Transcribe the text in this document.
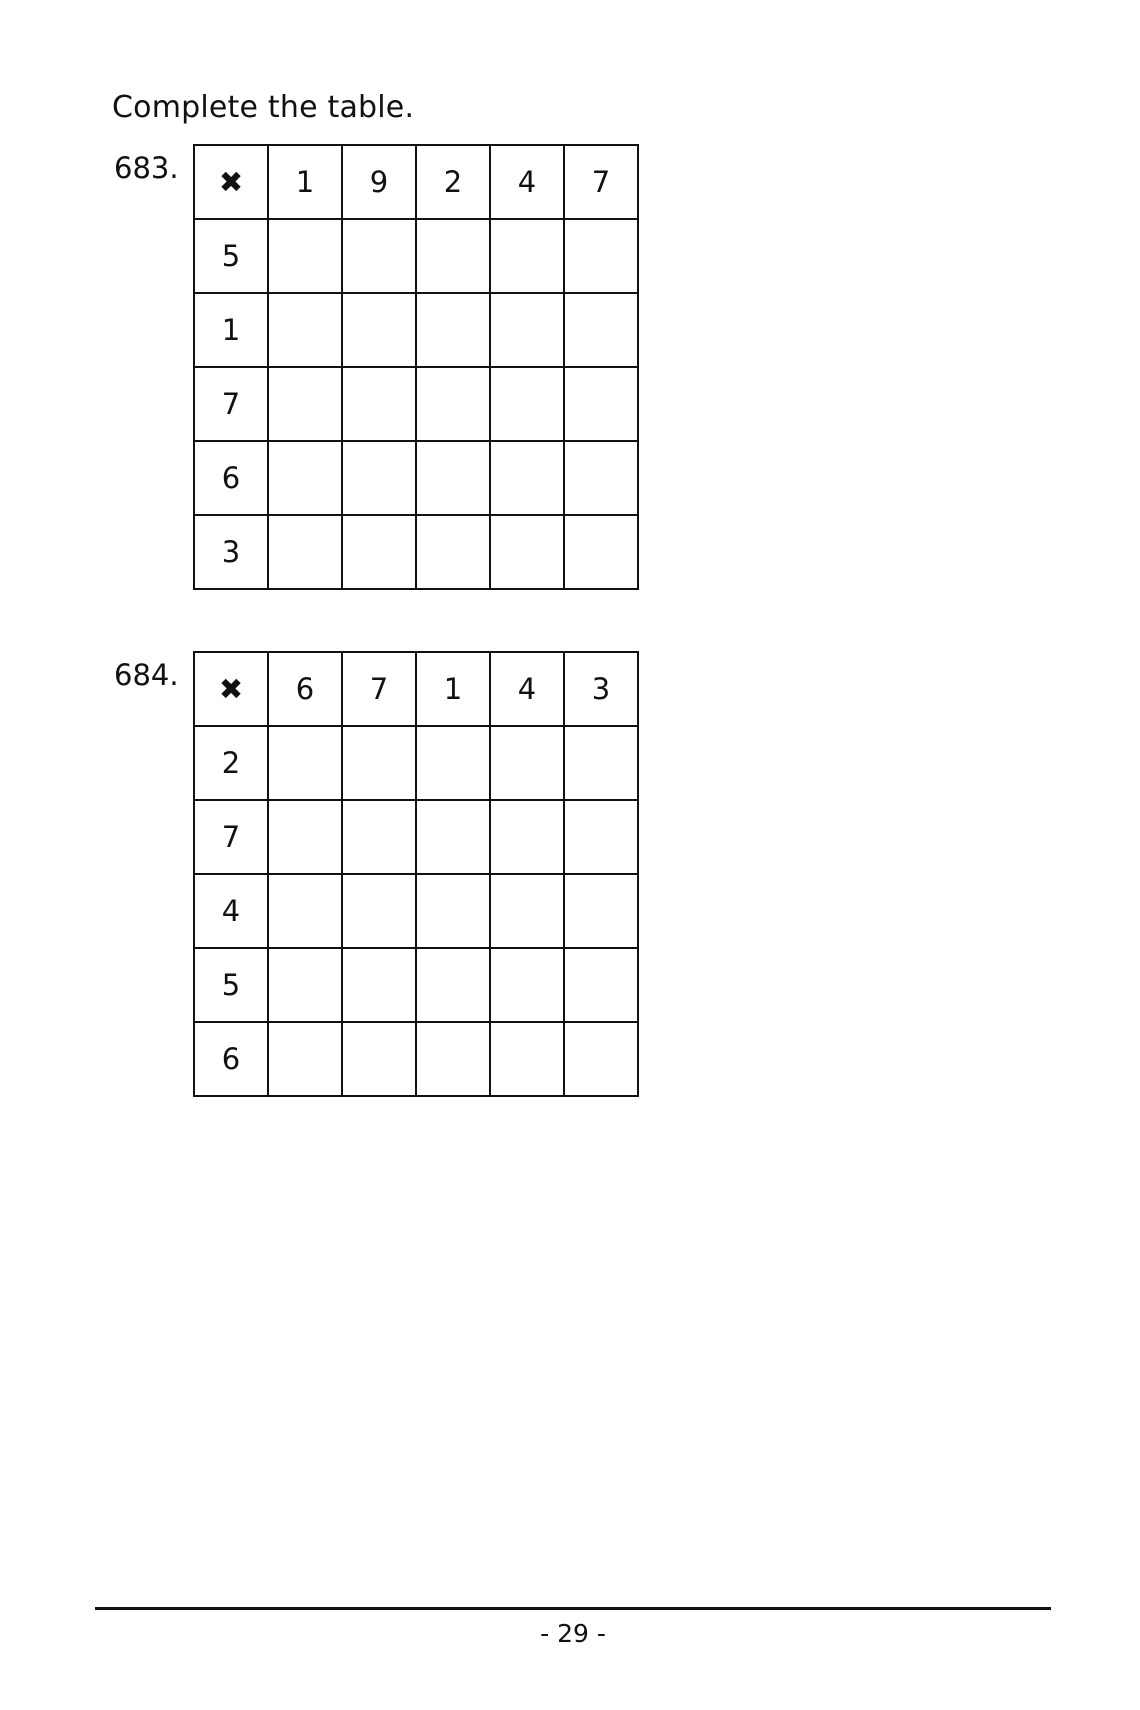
Complete the table.
683. ✖	1	9	2	4	7
5					
1					
7					
6					
3					
684. ✖	6	7	1	4	3
2					
7					
4					
5					
6					
- 29 -
